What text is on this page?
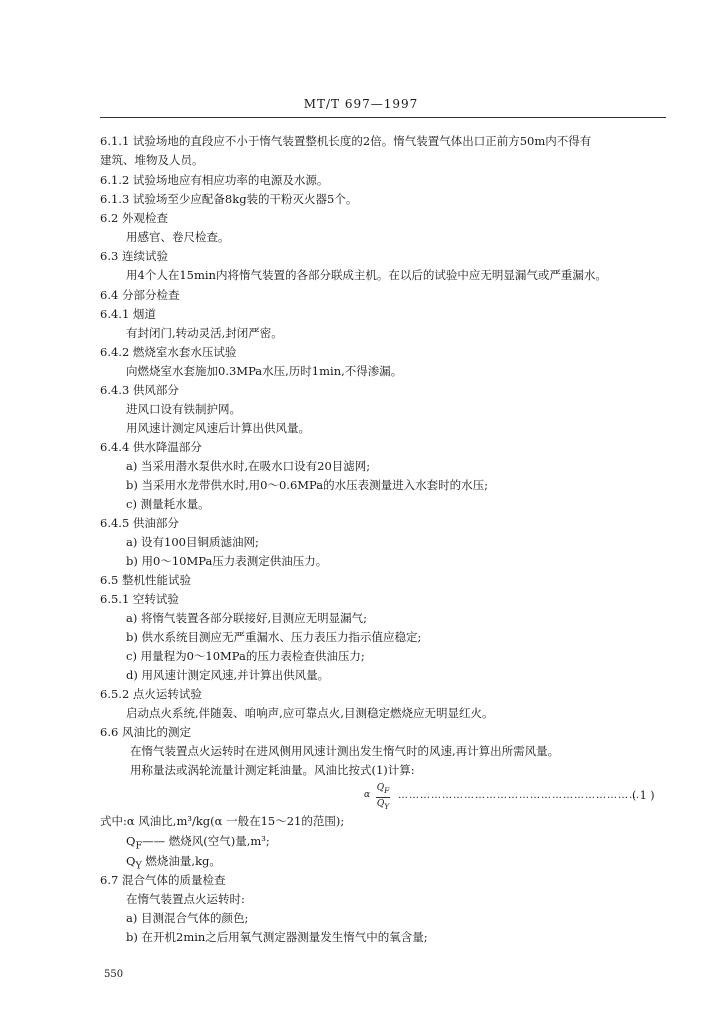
MT/T 697—1997
6.1.1 试验场地的直段应不小于惰气装置整机长度的2倍。惰气装置气体出口正前方50m内不得有
建筑、堆物及人员。
6.1.2 试验场地应有相应功率的电源及水源。
6.1.3 试验场至少应配备8kg装的干粉灭火器5个。
6.2 外观检查
用感官、卷尺检查。
6.3 连续试验
用4个人在15min内将惰气装置的各部分联成主机。在以后的试验中应无明显漏气或严重漏水。
6.4 分部分检查
6.4.1 烟道
有封闭门,转动灵活,封闭严密。
6.4.2 燃烧室水套水压试验
向燃烧室水套施加0.3MPa水压,历时1min,不得渗漏。
6.4.3 供风部分
进风口设有铁制护网。
用风速计测定风速后计算出供风量。
6.4.4 供水降温部分
a) 当采用潜水泵供水时,在吸水口设有20目滤网;
b) 当采用水龙带供水时,用0～0.6MPa的水压表测量进入水套时的水压;
c) 测量耗水量。
6.4.5 供油部分
a) 设有100目铜质滤油网;
b) 用0～10MPa压力表测定供油压力。
6.5 整机性能试验
6.5.1 空转试验
a) 将惰气装置各部分联接好,目测应无明显漏气;
b) 供水系统目测应无严重漏水、压力表压力指示值应稳定;
c) 用量程为0～10MPa的压力表检查供油压力;
d) 用风速计测定风速,并计算出供风量。
6.5.2 点火运转试验
启动点火系统,伴随轰、咱响声,应可靠点火,目测稳定燃烧应无明显红火。
6.6 风油比的测定
在惰气装置点火运转时在进风侧用风速计测出发生惰气时的风速,再计算出所需风量。
用称量法或涡轮流量计测定耗油量。风油比按式(1)计算:
式中:α 风油比,m³/kg(α 一般在15～21的范围);
$Q_F——$ 燃烧风(空气)量,m³;
$Q_Y$ 燃烧油量,kg。
6.7 混合气体的质量检查
在惰气装置点火运转时:
a) 目测混合气体的颜色;
b) 在开机2min之后用氧气测定器测量发生惰气中的氧含量;
α
$Q_F$
$Q_Y$
…………………………………………………………
( 1 )
550
